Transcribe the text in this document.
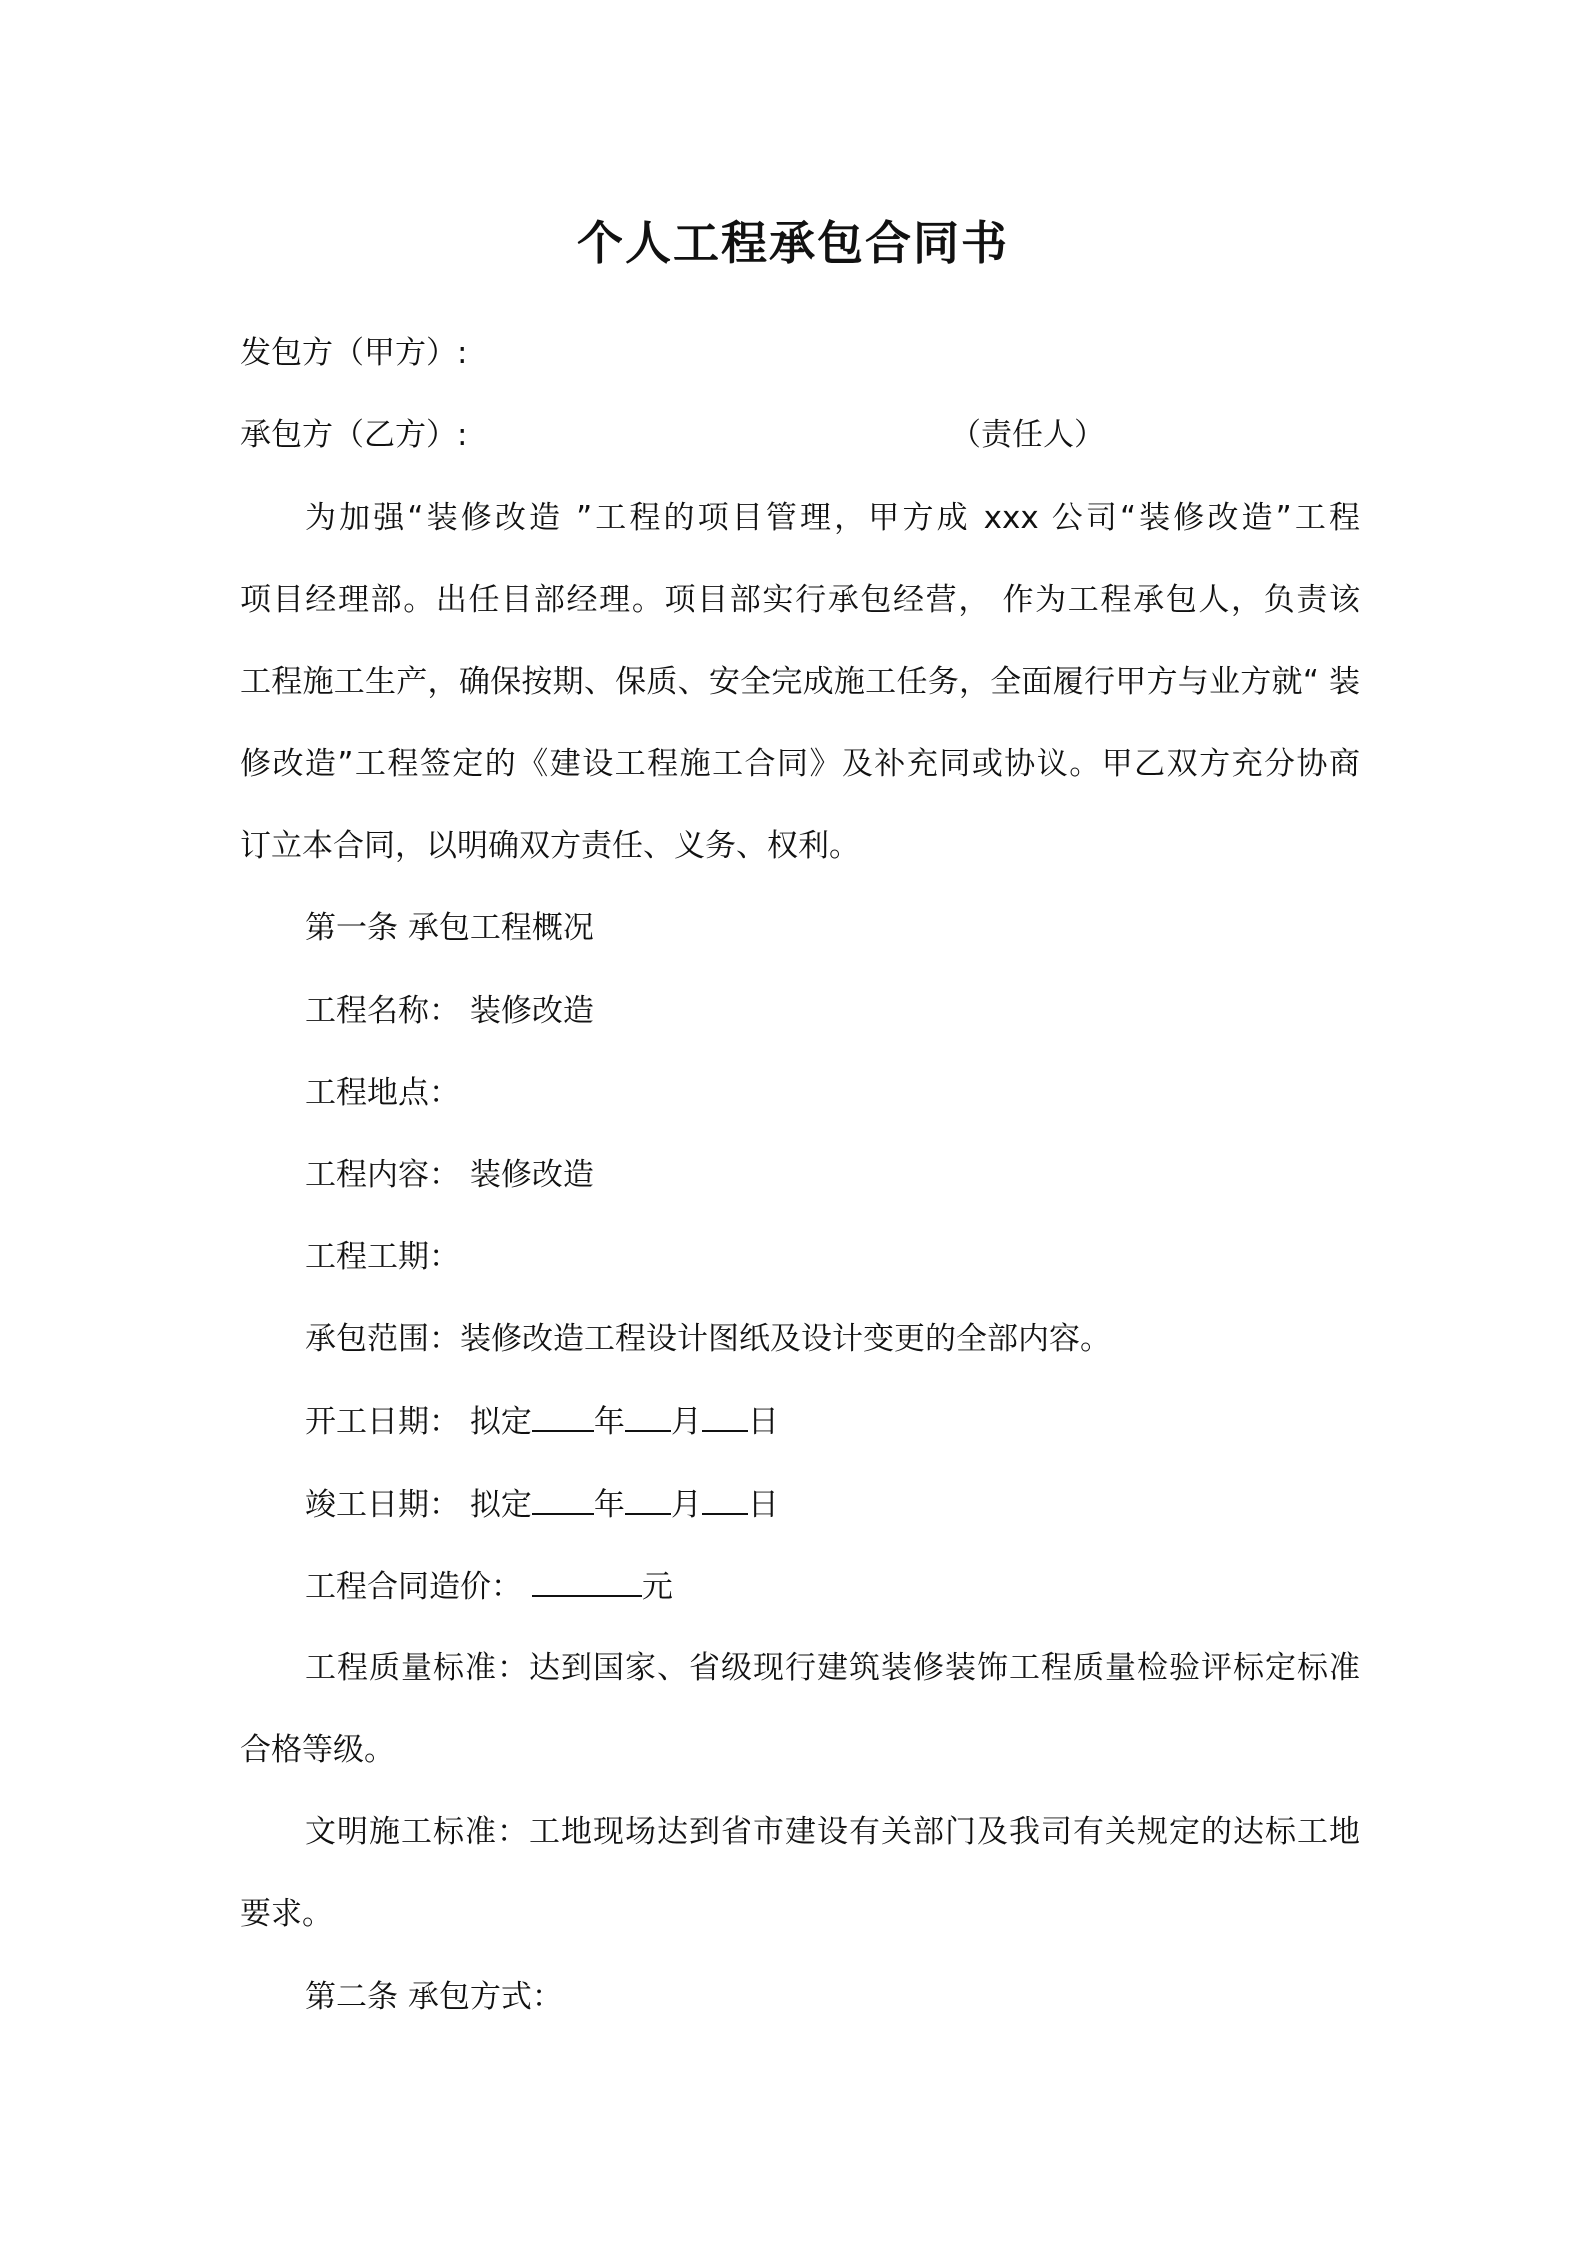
个人工程承包合同书
发包方（甲方）:
承包方（乙方）:	（责任人）
为加强“装修改造 ”工程的项目管理，甲方成 xxx 公司“装修改造”工程
项目经理部。出任目部经理。项目部实行承包经营， 作为工程承包人，负责该
工程施工生产，确保按期、保质、安全完成施工任务，全面履行甲方与业方就“ 装
修改造”工程签定的《建设工程施工合同》及补充同或协议。甲乙双方充分协商
订立本合同，以明确双方责任、义务、权利。
第一条 承包工程概况
工程名称： 装修改造
工程地点：
工程内容： 装修改造
工程工期：
承包范围：装修改造工程设计图纸及设计变更的全部内容。
开工日期： 拟定 年 月 日
竣工日期： 拟定 年 月 日
工程合同造价：	元
工程质量标准：达到国家、省级现行建筑装修装饰工程质量检验评标定标准
合格等级。
文明施工标准：工地现场达到省市建设有关部门及我司有关规定的达标工地
要求。
第二条 承包方式：
